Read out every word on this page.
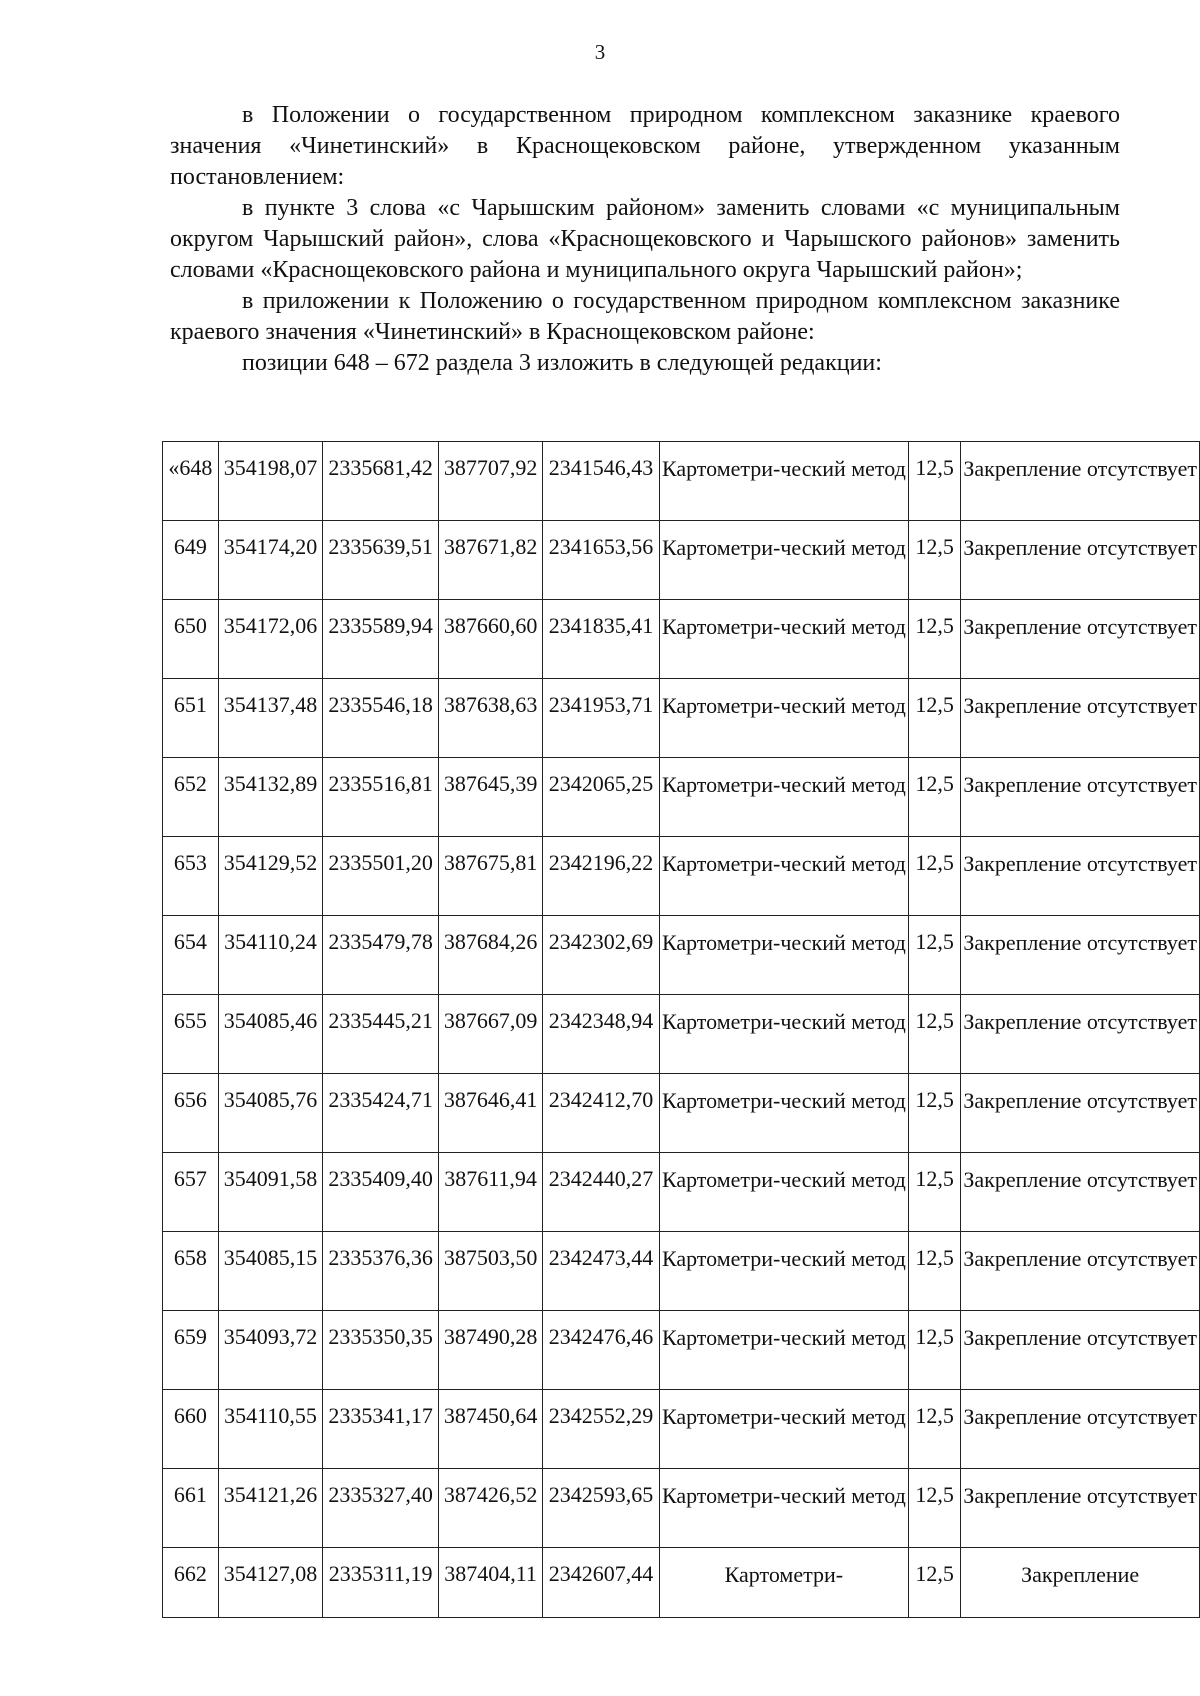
3

в Положении о государственном природном комплексном заказнике краевого значения «Чинетинский» в Краснощековском районе, утвержденном указанным постановлением:

в пункте 3 слова «с Чарышским районом» заменить словами «с муниципальным округом Чарышский район», слова «Краснощековского и Чарышского районов» заменить словами «Краснощековского района и муниципального округа Чарышский район»;

в приложении к Положению о государственном природном комплексном заказнике краевого значения «Чинетинский» в Краснощековском районе:

позиции 648 – 672 раздела 3 изложить в следующей редакции:

«648	354198,07	2335681,42	387707,92	2341546,43	Картометри-ческий метод	12,5	Закрепление отсутствует
649	354174,20	2335639,51	387671,82	2341653,56	Картометри-ческий метод	12,5	Закрепление отсутствует
650	354172,06	2335589,94	387660,60	2341835,41	Картометри-ческий метод	12,5	Закрепление отсутствует
651	354137,48	2335546,18	387638,63	2341953,71	Картометри-ческий метод	12,5	Закрепление отсутствует
652	354132,89	2335516,81	387645,39	2342065,25	Картометри-ческий метод	12,5	Закрепление отсутствует
653	354129,52	2335501,20	387675,81	2342196,22	Картометри-ческий метод	12,5	Закрепление отсутствует
654	354110,24	2335479,78	387684,26	2342302,69	Картометри-ческий метод	12,5	Закрепление отсутствует
655	354085,46	2335445,21	387667,09	2342348,94	Картометри-ческий метод	12,5	Закрепление отсутствует
656	354085,76	2335424,71	387646,41	2342412,70	Картометри-ческий метод	12,5	Закрепление отсутствует
657	354091,58	2335409,40	387611,94	2342440,27	Картометри-ческий метод	12,5	Закрепление отсутствует
658	354085,15	2335376,36	387503,50	2342473,44	Картометри-ческий метод	12,5	Закрепление отсутствует
659	354093,72	2335350,35	387490,28	2342476,46	Картометри-ческий метод	12,5	Закрепление отсутствует
660	354110,55	2335341,17	387450,64	2342552,29	Картометри-ческий метод	12,5	Закрепление отсутствует
661	354121,26	2335327,40	387426,52	2342593,65	Картометри-ческий метод	12,5	Закрепление отсутствует
662	354127,08	2335311,19	387404,11	2342607,44	Картометри-	12,5	Закрепление
